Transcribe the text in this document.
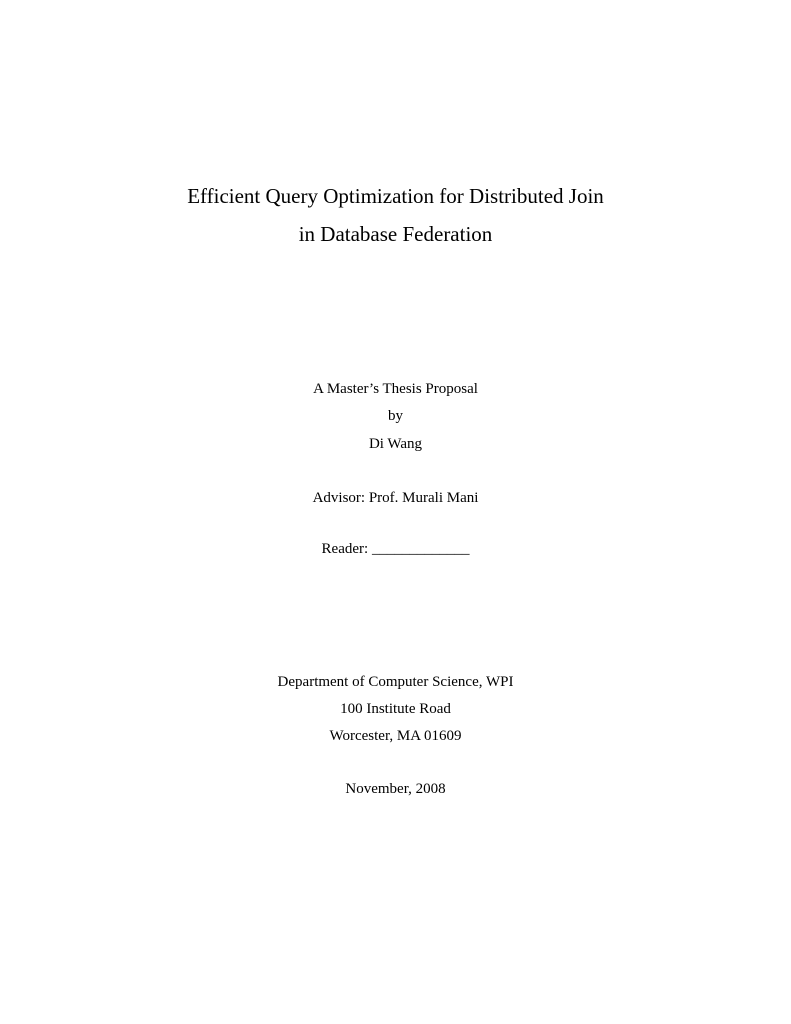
Efficient Query Optimization for Distributed Join
in Database Federation
A Master’s Thesis Proposal
by
Di Wang
Advisor: Prof. Murali Mani
Reader: _____________
Department of Computer Science, WPI
100 Institute Road
Worcester, MA 01609
November, 2008
